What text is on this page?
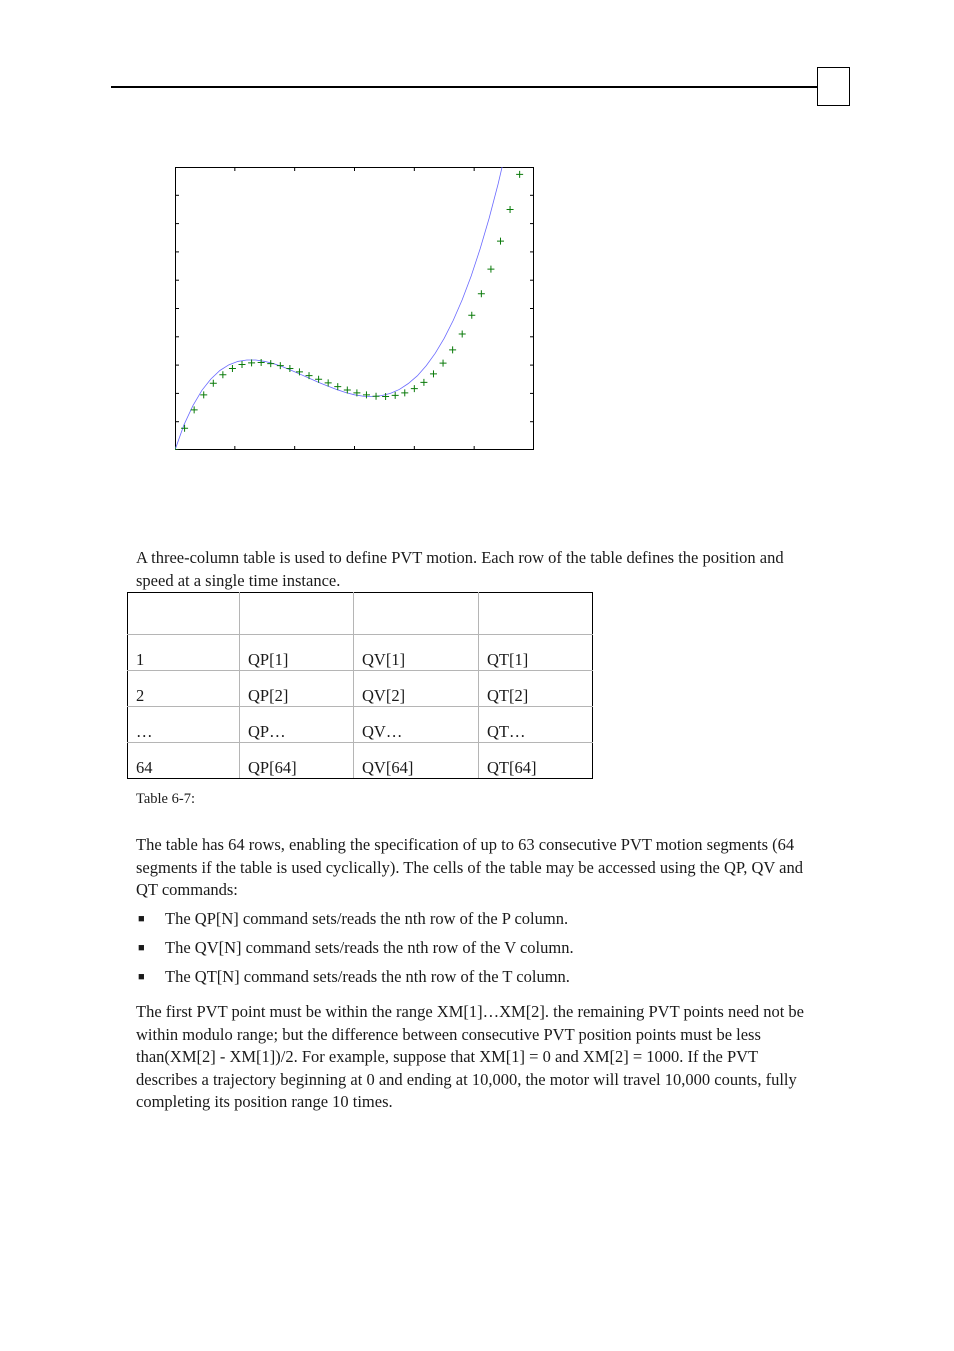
A three-column table is used to define PVT motion. Each row of the table defines the position and speed at a single time instance.

1	QP[1]	QV[1]	QT[1]
2	QP[2]	QV[2]	QT[2]
…	QP…	QV…	QT…
64	QP[64]	QV[64]	QT[64]
Table 6-7:

The table has 64 rows, enabling the specification of up to 63 consecutive PVT motion segments (64 segments if the table is used cyclically). The cells of the table may be accessed using the QP, QV and QT commands:

■ The QP[N] command sets/reads the nth row of the P column.
■ The QV[N] command sets/reads the nth row of the V column.
■ The QT[N] command sets/reads the nth row of the T column.

The first PVT point must be within the range XM[1]…XM[2]. the remaining PVT points need not be within modulo range; but the difference between consecutive PVT position points must be less than(XM[2] - XM[1])/2. For example, suppose that XM[1] = 0 and XM[2] = 1000. If the PVT describes a trajectory beginning at 0 and ending at 10,000, the motor will travel 10,000 counts, fully completing its position range 10 times.
